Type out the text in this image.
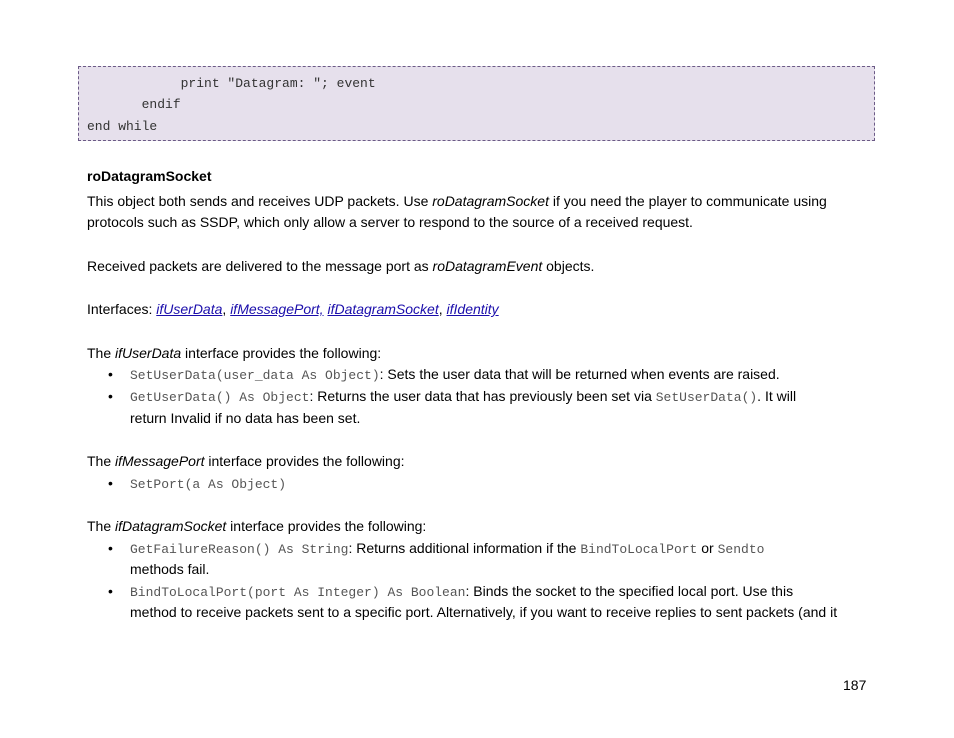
print "Datagram: "; event
endif
end while
roDatagramSocket
This object both sends and receives UDP packets. Use roDatagramSocket if you need the player to communicate using
protocols such as SSDP, which only allow a server to respond to the source of a received request.
Received packets are delivered to the message port as roDatagramEvent objects.
Interfaces: ifUserData, ifMessagePort, ifDatagramSocket, ifIdentity
The ifUserData interface provides the following:
• SetUserData(user_data As Object): Sets the user data that will be returned when events are raised.
• GetUserData() As Object: Returns the user data that has previously been set via SetUserData(). It will
return Invalid if no data has been set.
The ifMessagePort interface provides the following:
• SetPort(a As Object)
The ifDatagramSocket interface provides the following:
• GetFailureReason() As String: Returns additional information if the BindToLocalPort or Sendto
methods fail.
• BindToLocalPort(port As Integer) As Boolean: Binds the socket to the specified local port. Use this
method to receive packets sent to a specific port. Alternatively, if you want to receive replies to sent packets (and it
187
